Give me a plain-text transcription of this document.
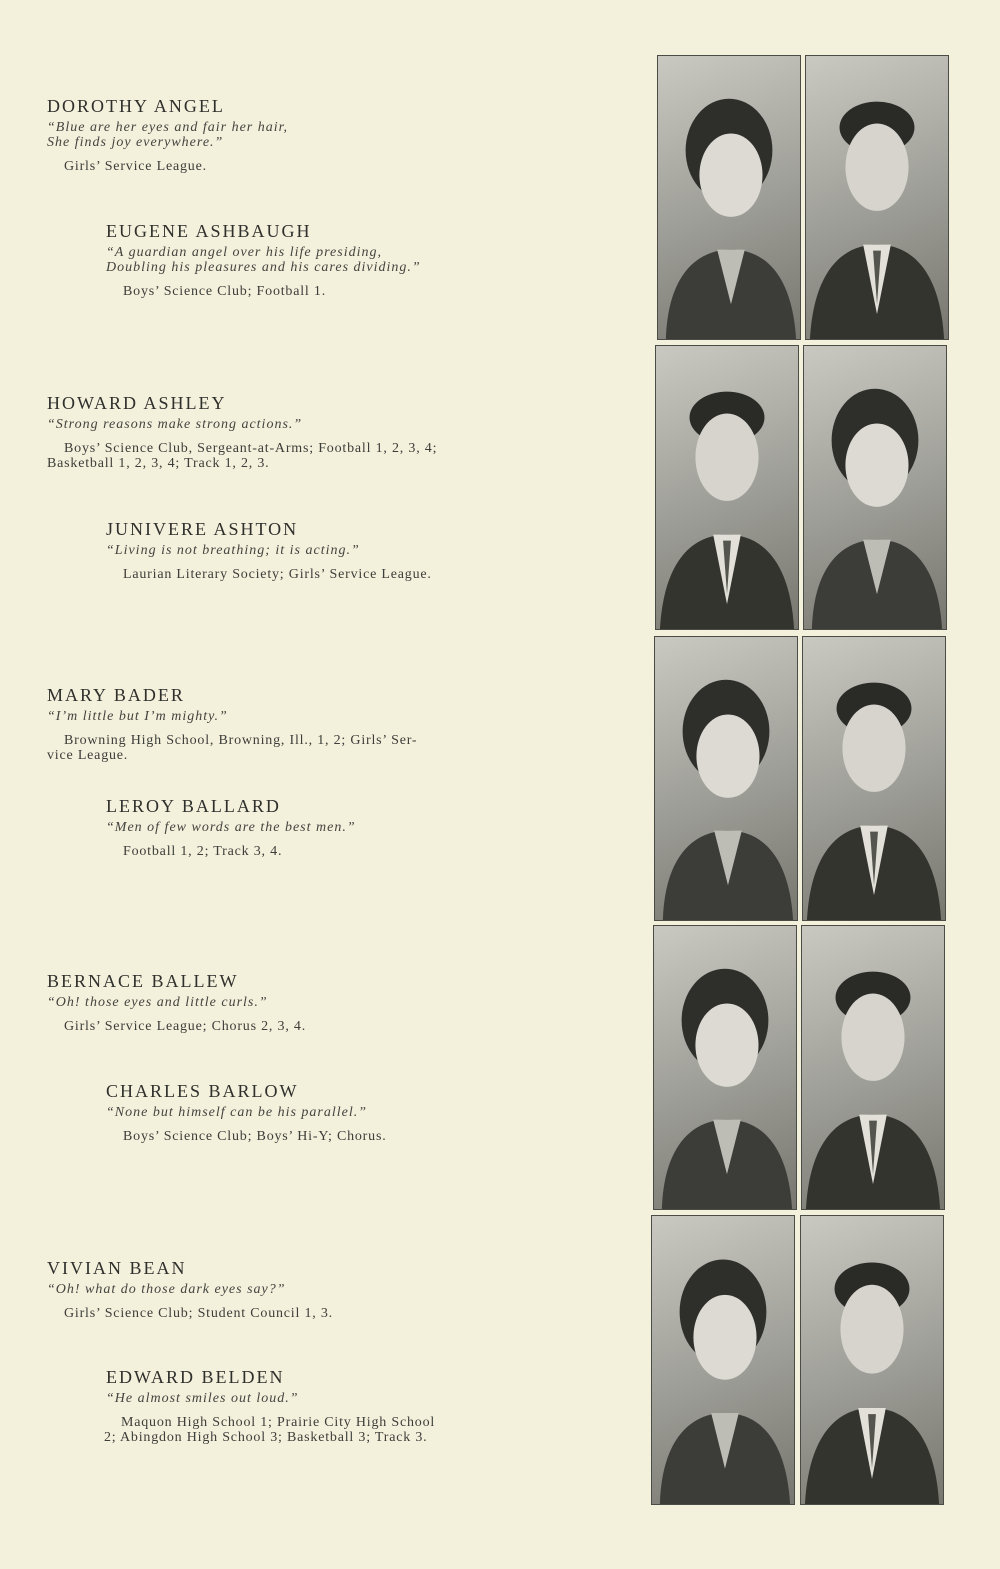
DOROTHY ANGEL
“Blue are her eyes and fair her hair,
She finds joy everywhere.”
Girls’ Service League.
EUGENE ASHBAUGH
“A guardian angel over his life presiding,
Doubling his pleasures and his cares dividing.”
Boys’ Science Club; Football 1.
HOWARD ASHLEY
“Strong reasons make strong actions.”
Boys’ Science Club, Sergeant-at-Arms; Football 1, 2, 3, 4;
Basketball 1, 2, 3, 4; Track 1, 2, 3.
JUNIVERE ASHTON
“Living is not breathing; it is acting.”
Laurian Literary Society; Girls’ Service League.
MARY BADER
“I’m little but I’m mighty.”
Browning High School, Browning, Ill., 1, 2; Girls’ Ser-
vice League.
LEROY BALLARD
“Men of few words are the best men.”
Football 1, 2; Track 3, 4.
BERNACE BALLEW
“Oh! those eyes and little curls.”
Girls’ Service League; Chorus 2, 3, 4.
CHARLES BARLOW
“None but himself can be his parallel.”
Boys’ Science Club; Boys’ Hi-Y; Chorus.
VIVIAN BEAN
“Oh! what do those dark eyes say?”
Girls’ Science Club; Student Council 1, 3.
EDWARD BELDEN
“He almost smiles out loud.”
Maquon High School 1; Prairie City High School
2; Abingdon High School 3; Basketball 3; Track 3.
